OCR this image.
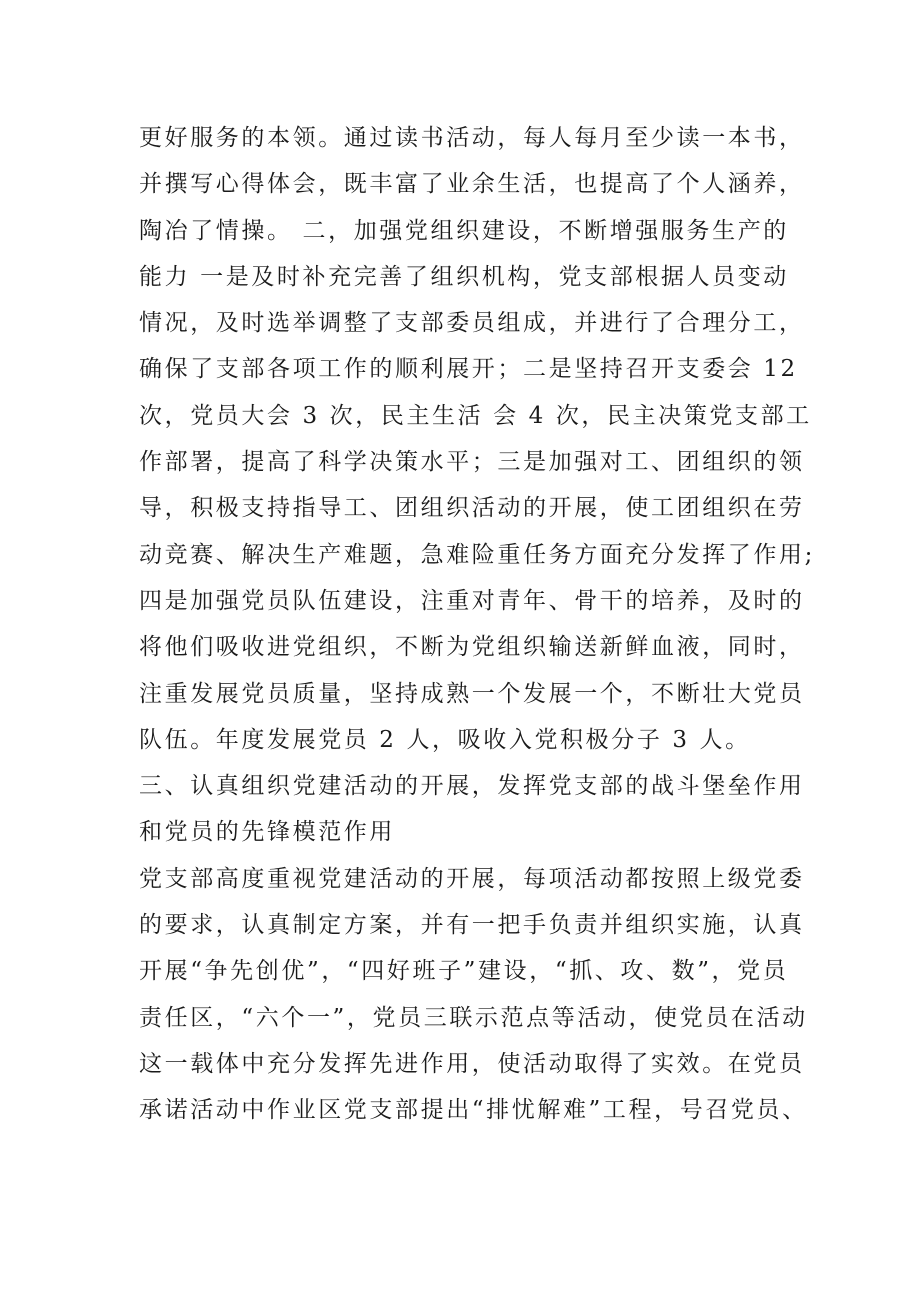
更好服务的本领。通过读书活动，每人每月至少读一本书，
并撰写心得体会，既丰富了业余生活，也提高了个人涵养，
陶冶了情操。 二，加强党组织建设，不断增强服务生产的
能力 一是及时补充完善了组织机构，党支部根据人员变动
情况，及时选举调整了支部委员组成，并进行了合理分工，
确保了支部各项工作的顺利展开；二是坚持召开支委会 12
次，党员大会 3 次，民主生活 会 4 次，民主决策党支部工
作部署，提高了科学决策水平；三是加强对工、团组织的领
导，积极支持指导工、团组织活动的开展，使工团组织在劳
动竞赛、解决生产难题，急难险重任务方面充分发挥了作用;
四是加强党员队伍建设，注重对青年、骨干的培养，及时的
将他们吸收进党组织，不断为党组织输送新鲜血液，同时，
注重发展党员质量，坚持成熟一个发展一个，不断壮大党员
队伍。年度发展党员 2 人，吸收入党积极分子 3 人。
三、认真组织党建活动的开展，发挥党支部的战斗堡垒作用
和党员的先锋模范作用
党支部高度重视党建活动的开展，每项活动都按照上级党委
的要求，认真制定方案，并有一把手负责并组织实施，认真
开展“争先创优”，“四好班子”建设，“抓、攻、数”，党员
责任区，“六个一”，党员三联示范点等活动，使党员在活动
这一载体中充分发挥先进作用，使活动取得了实效。在党员
承诺活动中作业区党支部提出“排忧解难”工程，号召党员、
